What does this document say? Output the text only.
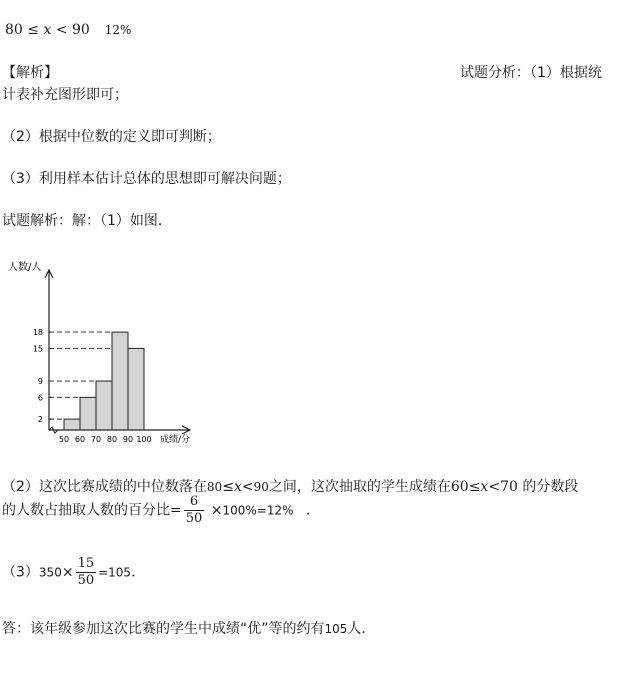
80 ≤ x < 90 12%
【解析】	试题分析：（1）根据统
计表补充图形即可；
（2）根据中位数的定义即可判断；
（3）利用样本估计总体的思想即可解决问题；
试题解析：解：（1）如图．
人数/人
成绩/分
2
6
9
18
15
50 60 70 80 90 100
（2）这次比赛成绩的中位数落在80≤x<90之间，这次抽取的学生成绩在60≤x<70 的分数段
的人数占抽取人数的百分比= $\frac{6}{50} \times 100\%=12\%$ ．
$(3)350\times \frac{15}{50} =105$．
答：该年级参加这次比赛的学生中成绩“优”等的约有105人．
